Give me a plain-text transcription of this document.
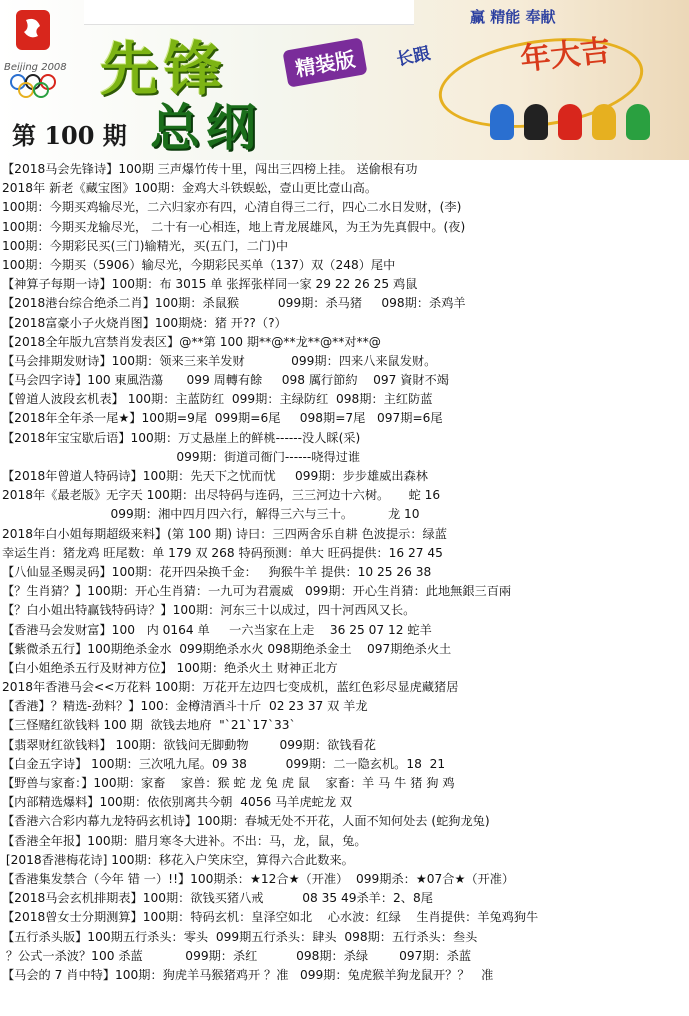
Beijing 2008 先锋	精装版
总纲
第 100 期
赢 精能 奉献
长跟	年大吉
【2018马会先锋诗】100期 三声爆竹传十里，闯出三四榜上挂。 送偷根有功
2018年 新老《藏宝图》100期：金鸡大斗铁蜈蚣，壹山更比壹山高。
100期：今期买鸡输尽光，二六归家亦有四，心清自得三二行，四心二水日发财，(李)
100期：今期买龙输尽光， 二十有一心相连，地上青龙展雄风，为王为先真假中。(夜)
100期：今期彩民买(三门)输精光，买(五门，二门)中
100期：今期买（5906）输尽光，今期彩民买单（137）双（248）尾中
【神算子每期一诗】100期：布 3015 单 张挥张样同一家 29 22 26 25 鸡鼠
【2018港台综合绝杀二肖】100期：杀鼠猴          099期：杀马猪     098期：杀鸡羊
【2018富豪小子火烧肖图】100期烧：猪 开??（?）
【2018全年版九宫禁肖发表区】@**第 100 期**@**龙**@**对**@
【马会排期发财诗】100期：领来三来羊发财            099期：四来八来鼠发财。
【马会四字诗】100 東風浩蕩      099 周轉有餘     098 厲行節約    097 資財不竭
【曾道人波段玄机表】 100期：主蓝防红  099期：主绿防红  098期：主红防蓝
【2018年全年杀一尾★】100期=9尾  099期=6尾     098期=7尾   097期=6尾
【2018年宝宝歇后语】100期：万丈悬崖上的鲜桃------没人睬(采)
099期：街道司衙门------哓得过谁
【2018年曾道人特码诗】100期：先天下之忧而忧     099期：步步雄威出森林
2018年《最老版》无字天 100期：出尽特码与连码，三三河边十六树。     蛇 16
099期：湘中四月四六行，解得三六与三十。         龙 10
2018年白小姐每期超级来料】(第 100 期) 诗曰：三四两舍乐自耕 色波提示：绿蓝
幸运生肖：猪龙鸡 旺尾数：单 179 双 268 特码预测：单大 旺码提供：16 27 45
【八仙显圣赐灵码】100期：花开四朵换千金：   狗猴牛羊 提供：10 25 26 38
【？生肖猜？】100期：开心生肖猜：一九可为君震威   099期：开心生肖猜：此地無銀三百兩
【？白小姐出特赢钱特码诗？】100期：河东三十以成过，四十河西风又长。
【香港马会发财富】100   内 0164 单     一六当家在上走    36 25 07 12 蛇羊
【紫微杀五行】100期绝杀金水  099期绝杀水火 098期绝杀金土    097期绝杀火土
【白小姐绝杀五行及财神方位】 100期：绝杀火土 财神正北方
2018年香港马会<<万花料 100期：万花开左边四七变成机，蓝红色彩尽显虎藏猪居
【香港】？精选-劲料？】100：金樽清酒斗十斤  02 23 37 双 羊龙
【三怪赌红欲钱料 100 期  欲钱去地府  "`21`17`33`
【翡翠财红欲钱料】 100期：欲钱问无脚動物        099期：欲钱看花
【白金五字诗】 100期：三次吼九尾。09 38          099期：二一隐玄机。18  21
【野兽与家畜：】100期：家畜    家兽：猴 蛇 龙 兔 虎 鼠    家畜：羊 马 牛 猪 狗 鸡
【内部精选爆料】100期：依依别离共今朝  4056 马羊虎蛇龙 双
【香港六合彩内幕九龙特码玄机诗】100期：春城无处不开花，人面不知何处去 (蛇狗龙兔)
【香港全年报】100期：腊月寒冬大进补。不出：马，龙，鼠，兔。
[2018香港梅花诗] 100期：移花入户笑床空，算得六合此数来。
【香港集发禁合（今年 错 一）!!】100期杀：★12合★（开准）  099期杀：★07合★（开准）
【2018马会玄机排期表】100期：欲钱买猪八戒          08 35 49杀羊：2、8尾
【2018曾女士分期测算】100期：特码玄机：皇泽空如北    心水波：红绿    生肖提供：羊兔鸡狗牛
【五行杀头版】100期五行杀头：零头  099期五行杀头：肆头  098期：五行杀头：叁头
？公式一杀波？100 杀蓝           099期：杀红          098期：杀绿        097期：杀蓝
【马会的 7 肖中特】100期：狗虎羊马猴猪鸡开 ？准   099期：兔虎猴羊狗龙鼠开？？   准
